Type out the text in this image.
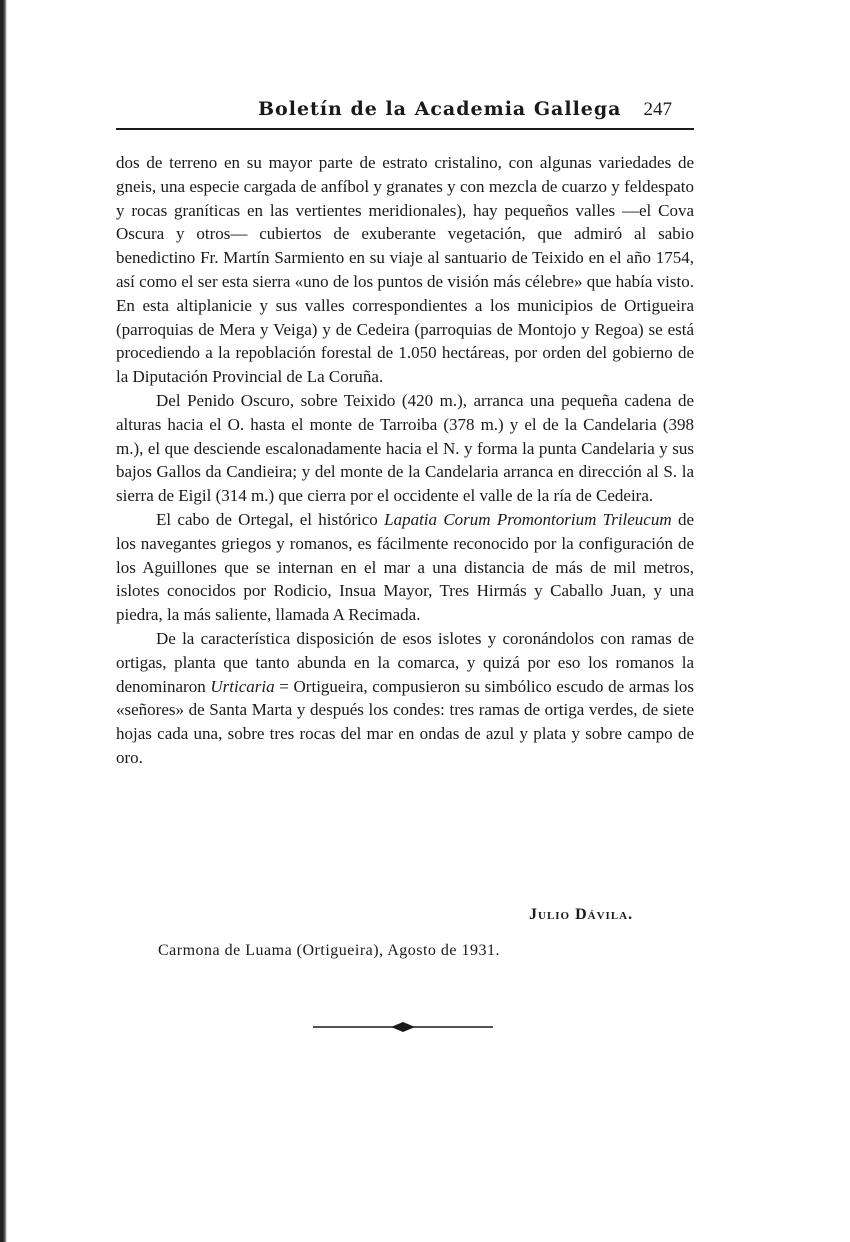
Boletín de la Academia Gallega 247

dos de terreno en su mayor parte de estrato cristalino, con algunas variedades de gneis, una especie cargada de anfíbol y granates y con mezcla de cuarzo y feldespato y rocas graníticas en las vertientes meridionales), hay pequeños valles —el Cova Oscura y otros— cubiertos de exuberante vegetación, que admiró al sabio benedictino Fr. Martín Sarmiento en su viaje al santuario de Teixido en el año 1754, así como el ser esta sierra «uno de los puntos de visión más célebre» que había visto. En esta altiplanicie y sus valles correspondientes a los municipios de Ortigueira (parroquias de Mera y Veiga) y de Cedeira (parroquias de Montojo y Regoa) se está procediendo a la repoblación forestal de 1.050 hectáreas, por orden del gobierno de la Diputación Provincial de La Coruña.

Del Penido Oscuro, sobre Teixido (420 m.), arranca una pequeña cadena de alturas hacia el O. hasta el monte de Tarroiba (378 m.) y el de la Candelaria (398 m.), el que desciende escalonadamente hacia el N. y forma la punta Candelaria y sus bajos Gallos da Candieira; y del monte de la Candelaria arranca en dirección al S. la sierra de Eigil (314 m.) que cierra por el occidente el valle de la ría de Cedeira.

El cabo de Ortegal, el histórico Lapatia Corum Promontorium Trileucum de los navegantes griegos y romanos, es fácilmente reconocido por la configuración de los Aguillones que se internan en el mar a una distancia de más de mil metros, islotes conocidos por Rodicio, Insua Mayor, Tres Hirmás y Caballo Juan, y una piedra, la más saliente, llamada A Recimada.

De la característica disposición de esos islotes y coronándolos con ramas de ortigas, planta que tanto abunda en la comarca, y quizá por eso los romanos la denominaron Urticaria = Ortigueira, compusieron su simbólico escudo de armas los «señores» de Santa Marta y después los condes: tres ramas de ortiga verdes, de siete hojas cada una, sobre tres rocas del mar en ondas de azul y plata y sobre campo de oro.

Julio Dávila.
Carmona de Luama (Ortigueira), Agosto de 1931.
